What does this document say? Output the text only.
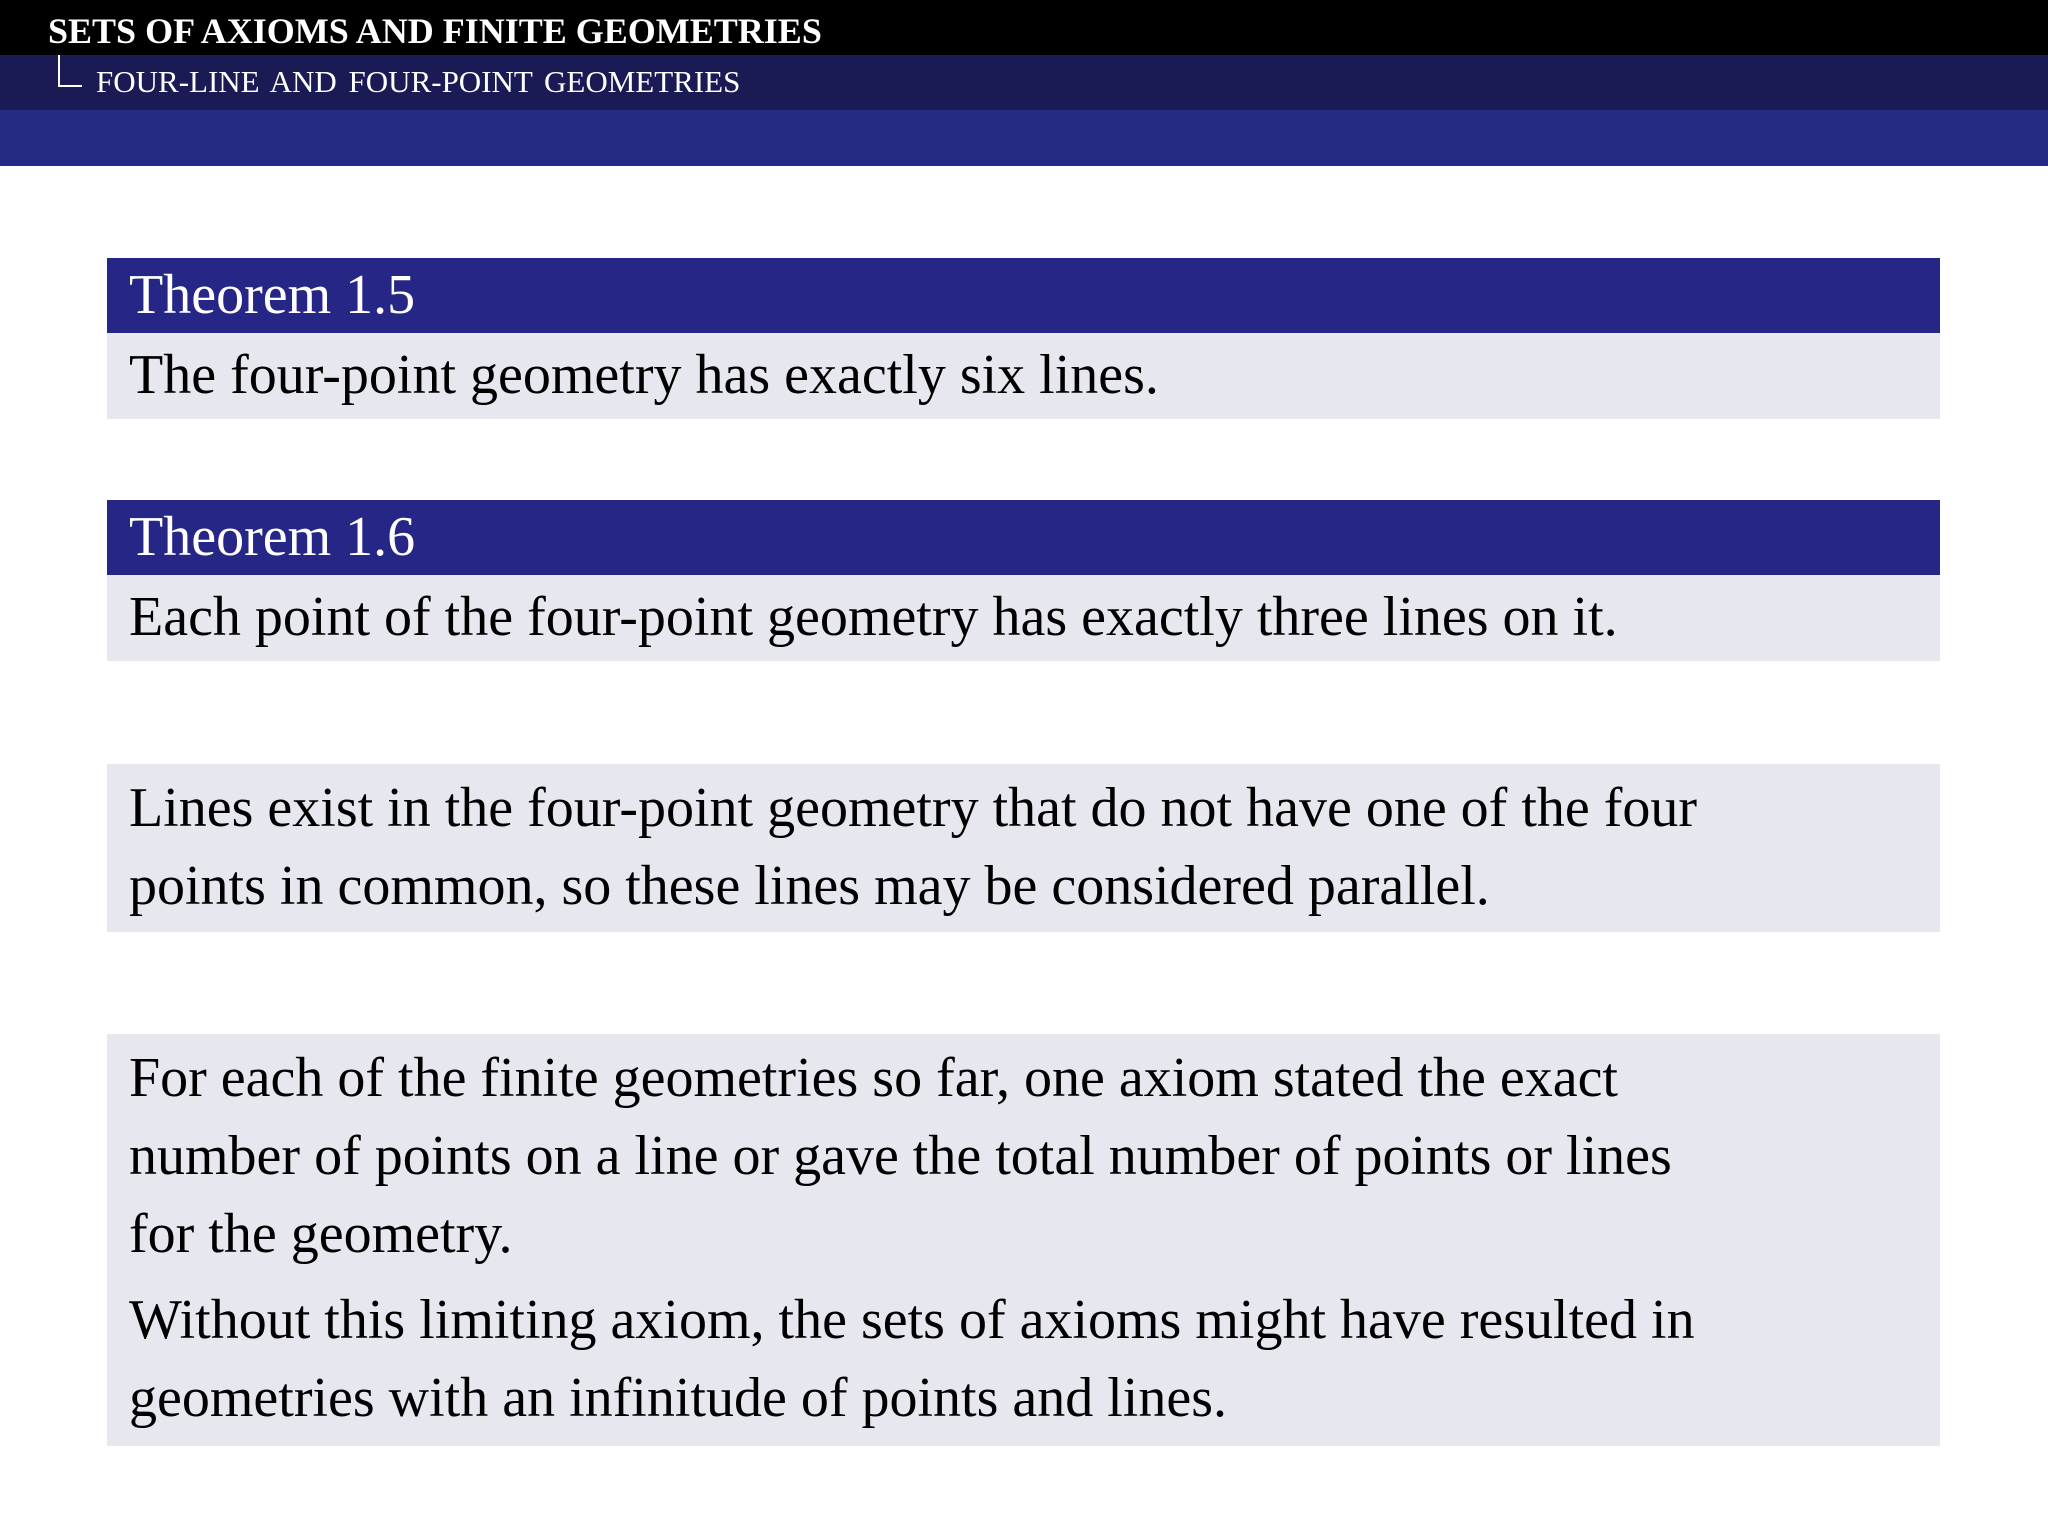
SETS OF AXIOMS AND FINITE GEOMETRIES
FOUR-LINE AND FOUR-POINT GEOMETRIES
Theorem 1.5
The four-point geometry has exactly six lines.
Theorem 1.6
Each point of the four-point geometry has exactly three lines on it.
Lines exist in the four-point geometry that do not have one of the four
points in common, so these lines may be considered parallel.
For each of the finite geometries so far, one axiom stated the exact
number of points on a line or gave the total number of points or lines
for the geometry.
Without this limiting axiom, the sets of axioms might have resulted in
geometries with an infinitude of points and lines.
